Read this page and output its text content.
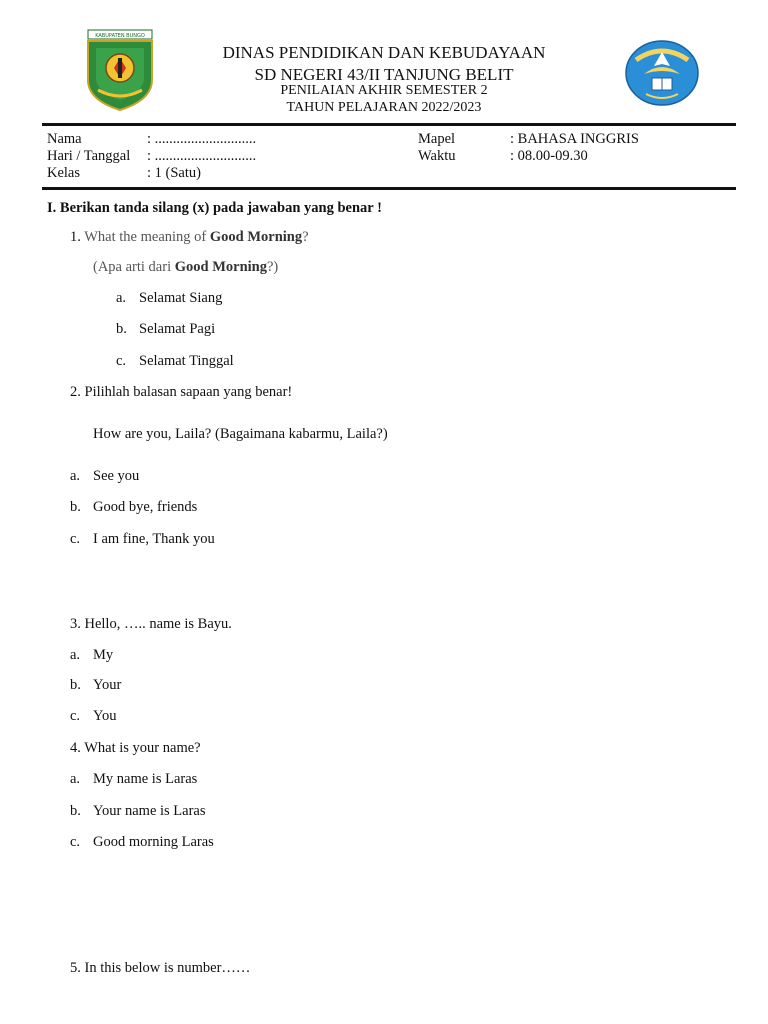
KABUPATEN BUNGO
DINAS PENDIDIKAN DAN KEBUDAYAAN
SD NEGERI 43/II TANJUNG BELIT
PENILAIAN AKHIR SEMESTER 2
TAHUN PELAJARAN 2022/2023
Nama	: ............................
Hari / Tanggal : ............................
Kelas	: 1 (Satu)
Mapel	: BAHASA INGGRIS
Waktu	: 08.00-09.30
I. Berikan tanda silang (x) pada jawaban yang benar !
1. What the meaning of Good Morning?
(Apa arti dari Good Morning?)
a. Selamat Siang
b. Selamat Pagi
c. Selamat Tinggal
2. Pilihlah balasan sapaan yang benar!
How are you, Laila? (Bagaimana kabarmu, Laila?)
a. See you
b. Good bye, friends
c. I am fine, Thank you
3. Hello, ….. name is Bayu.
a. My
b. Your
c. You
4. What is your name?
a. My name is Laras
b. Your name is Laras
c. Good morning Laras
5. In this below is number……
